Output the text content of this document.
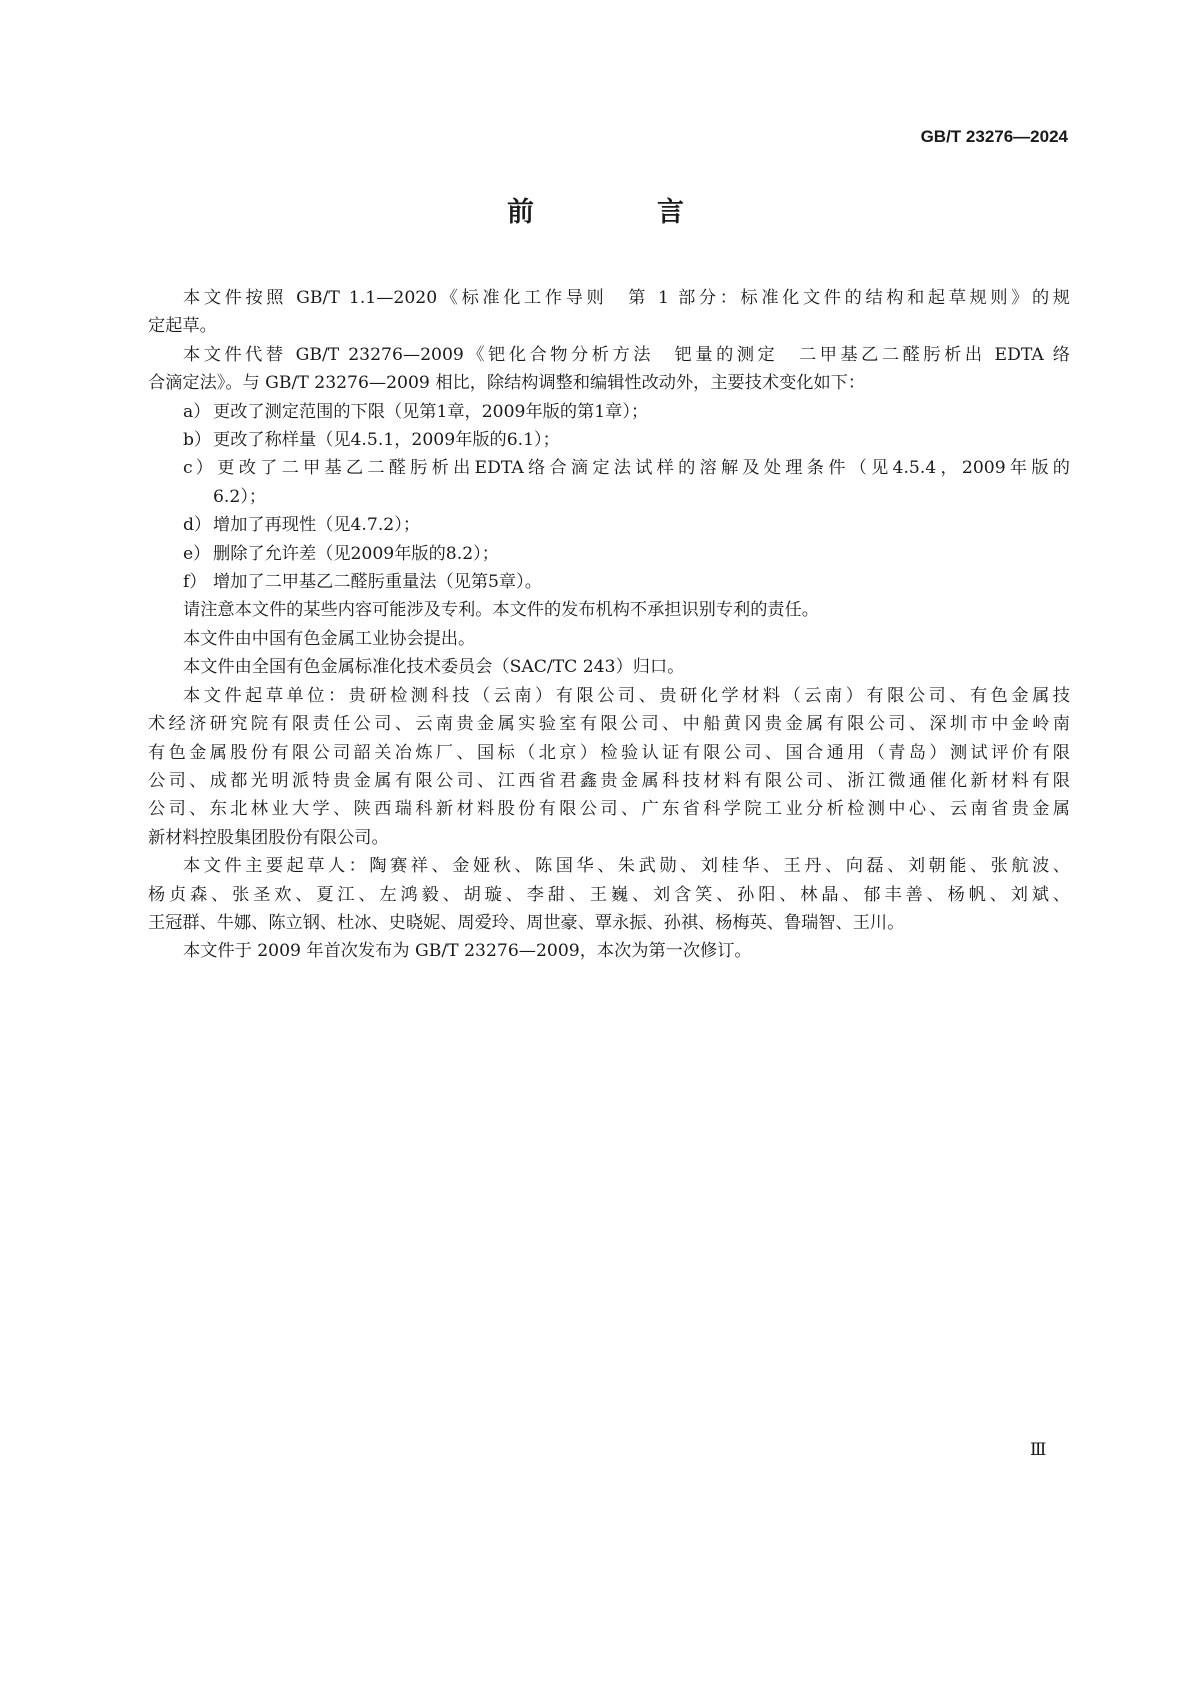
GB/T 23276—2024
前　言
本文件按照 GB/T 1.1—2020《标准化工作导则　第 1 部分：标准化文件的结构和起草规则》的规
定起草。
本文件代替 GB/T 23276—2009《钯化合物分析方法　钯量的测定　二甲基乙二醛肟析出 EDTA 络
合滴定法》。与 GB/T 23276—2009 相比，除结构调整和编辑性改动外，主要技术变化如下：
a） 更改了测定范围的下限（见第1章，2009年版的第1章）；
b） 更改了称样量（见4.5.1，2009年版的6.1）；
c）更改了二甲基乙二醛肟析出EDTA络合滴定法试样的溶解及处理条件（见4.5.4，2009年版的
6.2）；
d） 增加了再现性（见4.7.2）；
e） 删除了允许差（见2009年版的8.2）；
f） 增加了二甲基乙二醛肟重量法（见第5章）。
请注意本文件的某些内容可能涉及专利。本文件的发布机构不承担识别专利的责任。
本文件由中国有色金属工业协会提出。
本文件由全国有色金属标准化技术委员会（SAC/TC 243）归口。
本文件起草单位：贵研检测科技（云南）有限公司、贵研化学材料（云南）有限公司、有色金属技
术经济研究院有限责任公司、云南贵金属实验室有限公司、中船黄冈贵金属有限公司、深圳市中金岭南
有色金属股份有限公司韶关冶炼厂、国标（北京）检验认证有限公司、国合通用（青岛）测试评价有限
公司、成都光明派特贵金属有限公司、江西省君鑫贵金属科技材料有限公司、浙江微通催化新材料有限
公司、东北林业大学、陕西瑞科新材料股份有限公司、广东省科学院工业分析检测中心、云南省贵金属
新材料控股集团股份有限公司。
本文件主要起草人：陶赛祥、金娅秋、陈国华、朱武勋、刘桂华、王丹、向磊、刘朝能、张航波、
杨贞森、张圣欢、夏江、左鸿毅、胡璇、李甜、王巍、刘含笑、孙阳、林晶、郁丰善、杨帆、刘斌、
王冠群、牛娜、陈立钢、杜冰、史晓妮、周爱玲、周世豪、覃永振、孙祺、杨梅英、鲁瑞智、王川。
本文件于 2009 年首次发布为 GB/T 23276—2009，本次为第一次修订。
Ⅲ
